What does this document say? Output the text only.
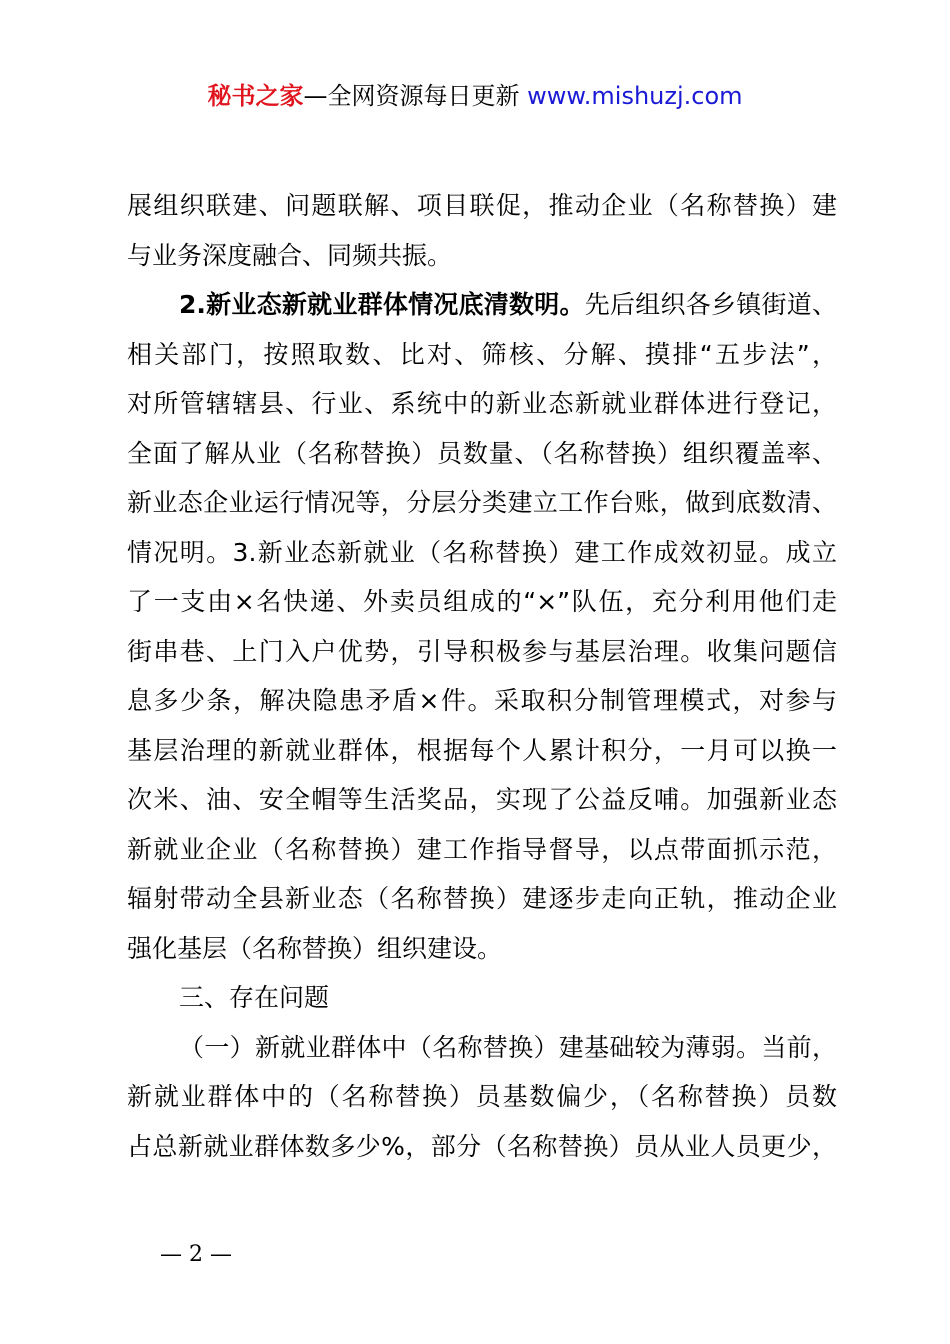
秘书之家—全网资源每日更新 www.mishuzj.com
展组织联建、问题联解、项目联促，推动企业（名称替换）建
与业务深度融合、同频共振。
2.新业态新就业群体情况底清数明。先后组织各乡镇街道、
相关部门，按照取数、比对、筛核、分解、摸排“五步法”，
对所管辖辖县、行业、系统中的新业态新就业群体进行登记，
全面了解从业（名称替换）员数量、（名称替换）组织覆盖率、
新业态企业运行情况等，分层分类建立工作台账，做到底数清、
情况明。3.新业态新就业（名称替换）建工作成效初显。成立
了一支由×名快递、外卖员组成的“×”队伍，充分利用他们走
街串巷、上门入户优势，引导积极参与基层治理。收集问题信
息多少条，解决隐患矛盾×件。采取积分制管理模式，对参与
基层治理的新就业群体，根据每个人累计积分，一月可以换一
次米、油、安全帽等生活奖品，实现了公益反哺。加强新业态
新就业企业（名称替换）建工作指导督导，以点带面抓示范，
辐射带动全县新业态（名称替换）建逐步走向正轨，推动企业
强化基层（名称替换）组织建设。
三、存在问题
（一）新就业群体中（名称替换）建基础较为薄弱。当前，
新就业群体中的（名称替换）员基数偏少，（名称替换）员数
占总新就业群体数多少%，部分（名称替换）员从业人员更少，
— 2 —
